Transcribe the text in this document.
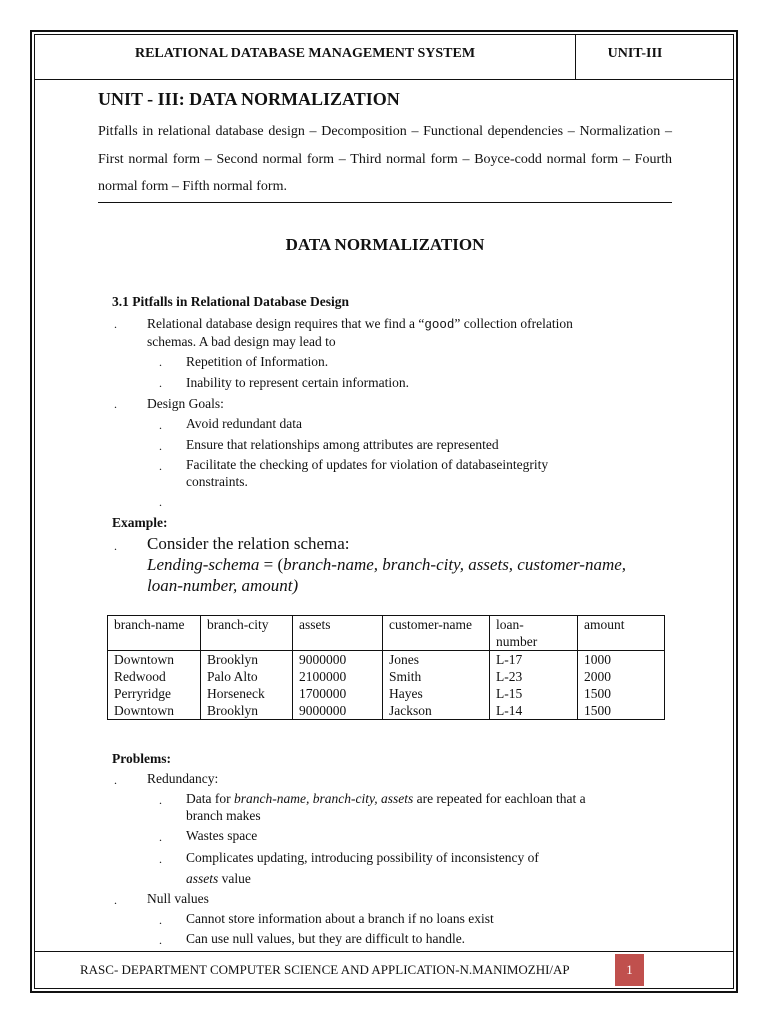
RELATIONAL DATABASE MANAGEMENT SYSTEM	UNIT-III
UNIT - III: DATA NORMALIZATION
Pitfalls in relational database design – Decomposition – Functional dependencies – Normalization – First normal form – Second normal form – Third normal form – Boyce-codd normal form – Fourth normal form – Fifth normal form.
DATA NORMALIZATION
3.1 Pitfalls in Relational Database Design
. Relational database design requires that we find a “good” collection ofrelation
schemas. A bad design may lead to
. Repetition of Information.
. Inability to represent certain information.
. Design Goals:
. Avoid redundant data
. Ensure that relationships among attributes are represented
. Facilitate the checking of updates for violation of databaseintegrity
constraints.
.
Example:
. Consider the relation schema:
Lending-schema = (branch-name, branch-city, assets, customer-name,
loan-number, amount)
branch-name	branch-city	assets	customer-name	loan-
number	amount
Downtown	Brooklyn	9000000	Jones	L-17	1000
Redwood	Palo Alto	2100000	Smith	L-23	2000
Perryridge	Horseneck	1700000	Hayes	L-15	1500
Downtown	Brooklyn	9000000	Jackson	L-14	1500
Problems:
. Redundancy:
. Data for branch-name, branch-city, assets are repeated for eachloan that a
branch makes
. Wastes space
. Complicates updating, introducing possibility of inconsistency of
assets value
. Null values
. Cannot store information about a branch if no loans exist
. Can use null values, but they are difficult to handle.
RASC- DEPARTMENT COMPUTER SCIENCE AND APPLICATION-N.MANIMOZHI/AP	1
